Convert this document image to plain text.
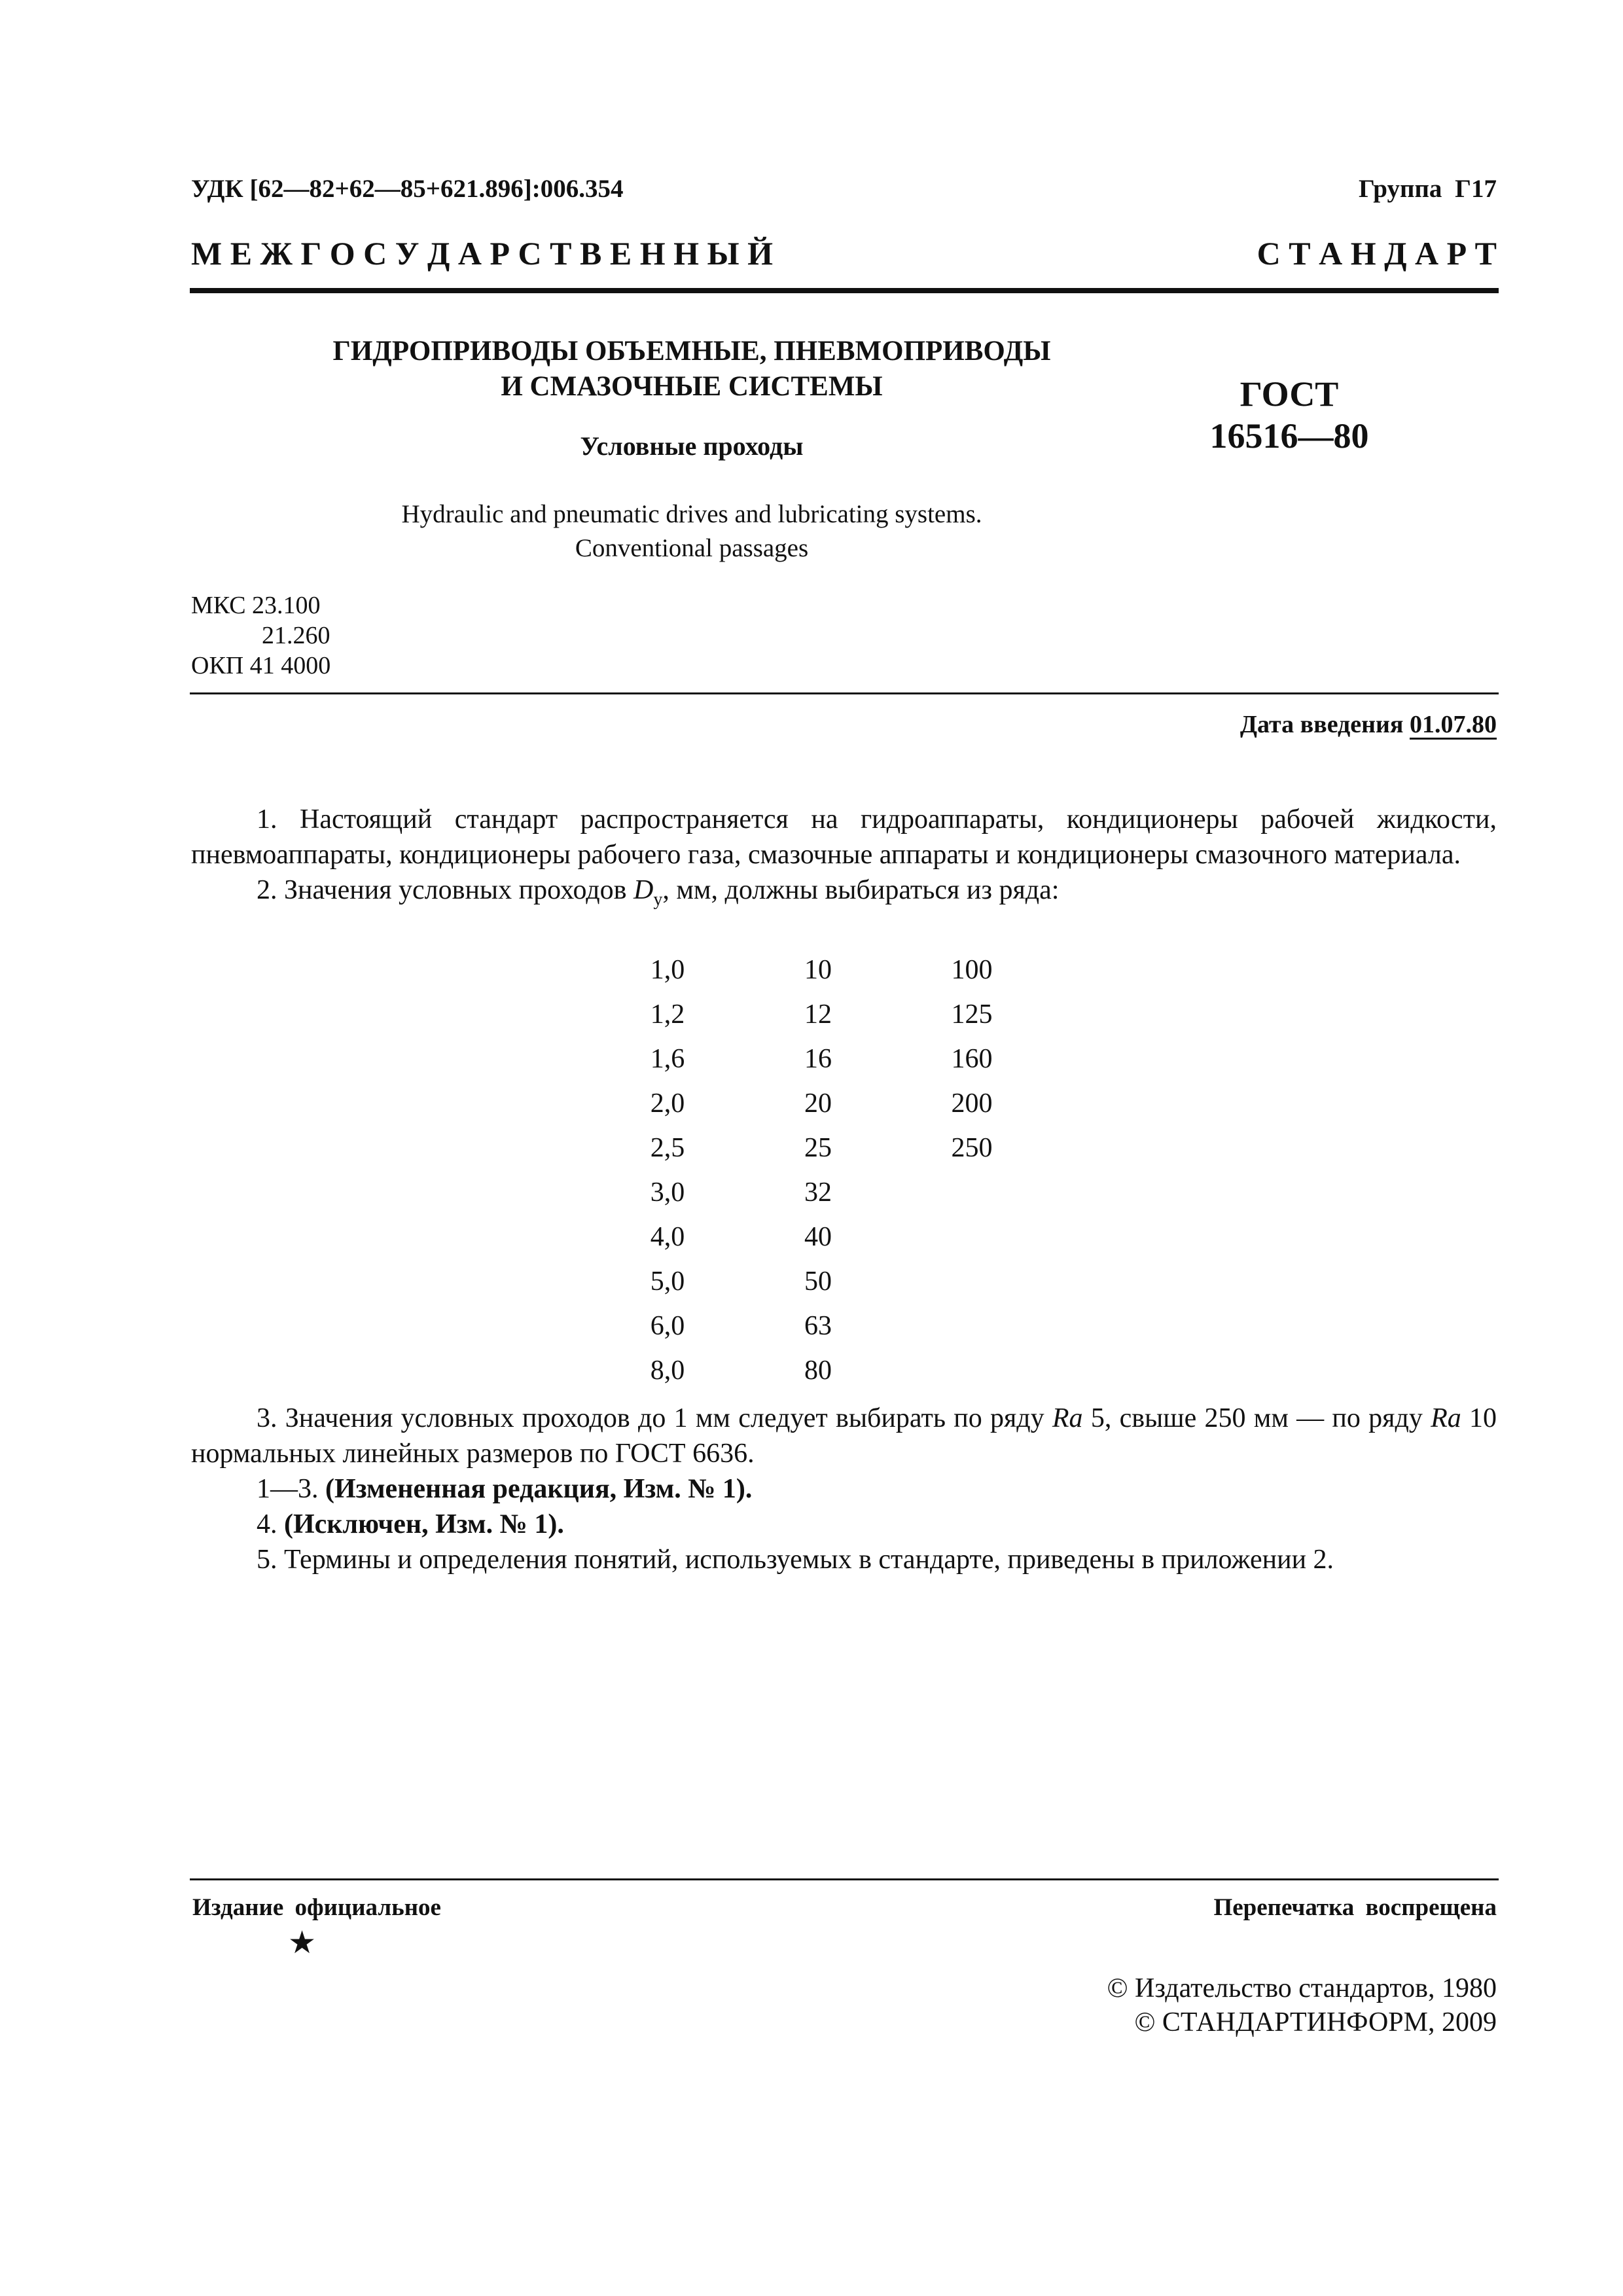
УДК [62—82+62—85+621.896]:006.354	Группа Г17
М Е Ж Г О С У Д А Р С Т В Е Н Н Ы Й	С Т А Н Д А Р Т
ГИДРОПРИВОДЫ ОБЪЕМНЫЕ, ПНЕВМОПРИВОДЫ
И СМАЗОЧНЫЕ СИСТЕМЫ
Условные проходы
ГОСТ
16516—80
Hydraulic and pneumatic drives and lubricating systems.
Conventional passages
МКС 23.100
21.260
ОКП 41 4000
Дата введения 01.07.80

1. Настоящий стандарт распространяется на гидроаппараты, кондиционеры рабочей жидкости, пневмоаппараты, кондиционеры рабочего газа, смазочные аппараты и кондиционеры смазочного материала.

2. Значения условных проходов $D_y$, мм, должны выбираться из ряда:

1,0	10	100
1,2	12	125
1,6	16	160
2,0	20	200
2,5	25	250
3,0	32
4,0	40
5,0	50
6,0	63
8,0	80

3. Значения условных проходов до 1 мм следует выбирать по ряду Ra 5, свыше 250 мм — по ряду Ra 10 нормальных линейных размеров по ГОСТ 6636.

1—3. (Измененная редакция, Изм. № 1).

4. (Исключен, Изм. № 1).

5. Термины и определения понятий, используемых в стандарте, приведены в приложении 2.

Издание официальное	Перепечатка воспрещена
★
© Издательство стандартов, 1980
© СТАНДАРТИНФОРМ, 2009
